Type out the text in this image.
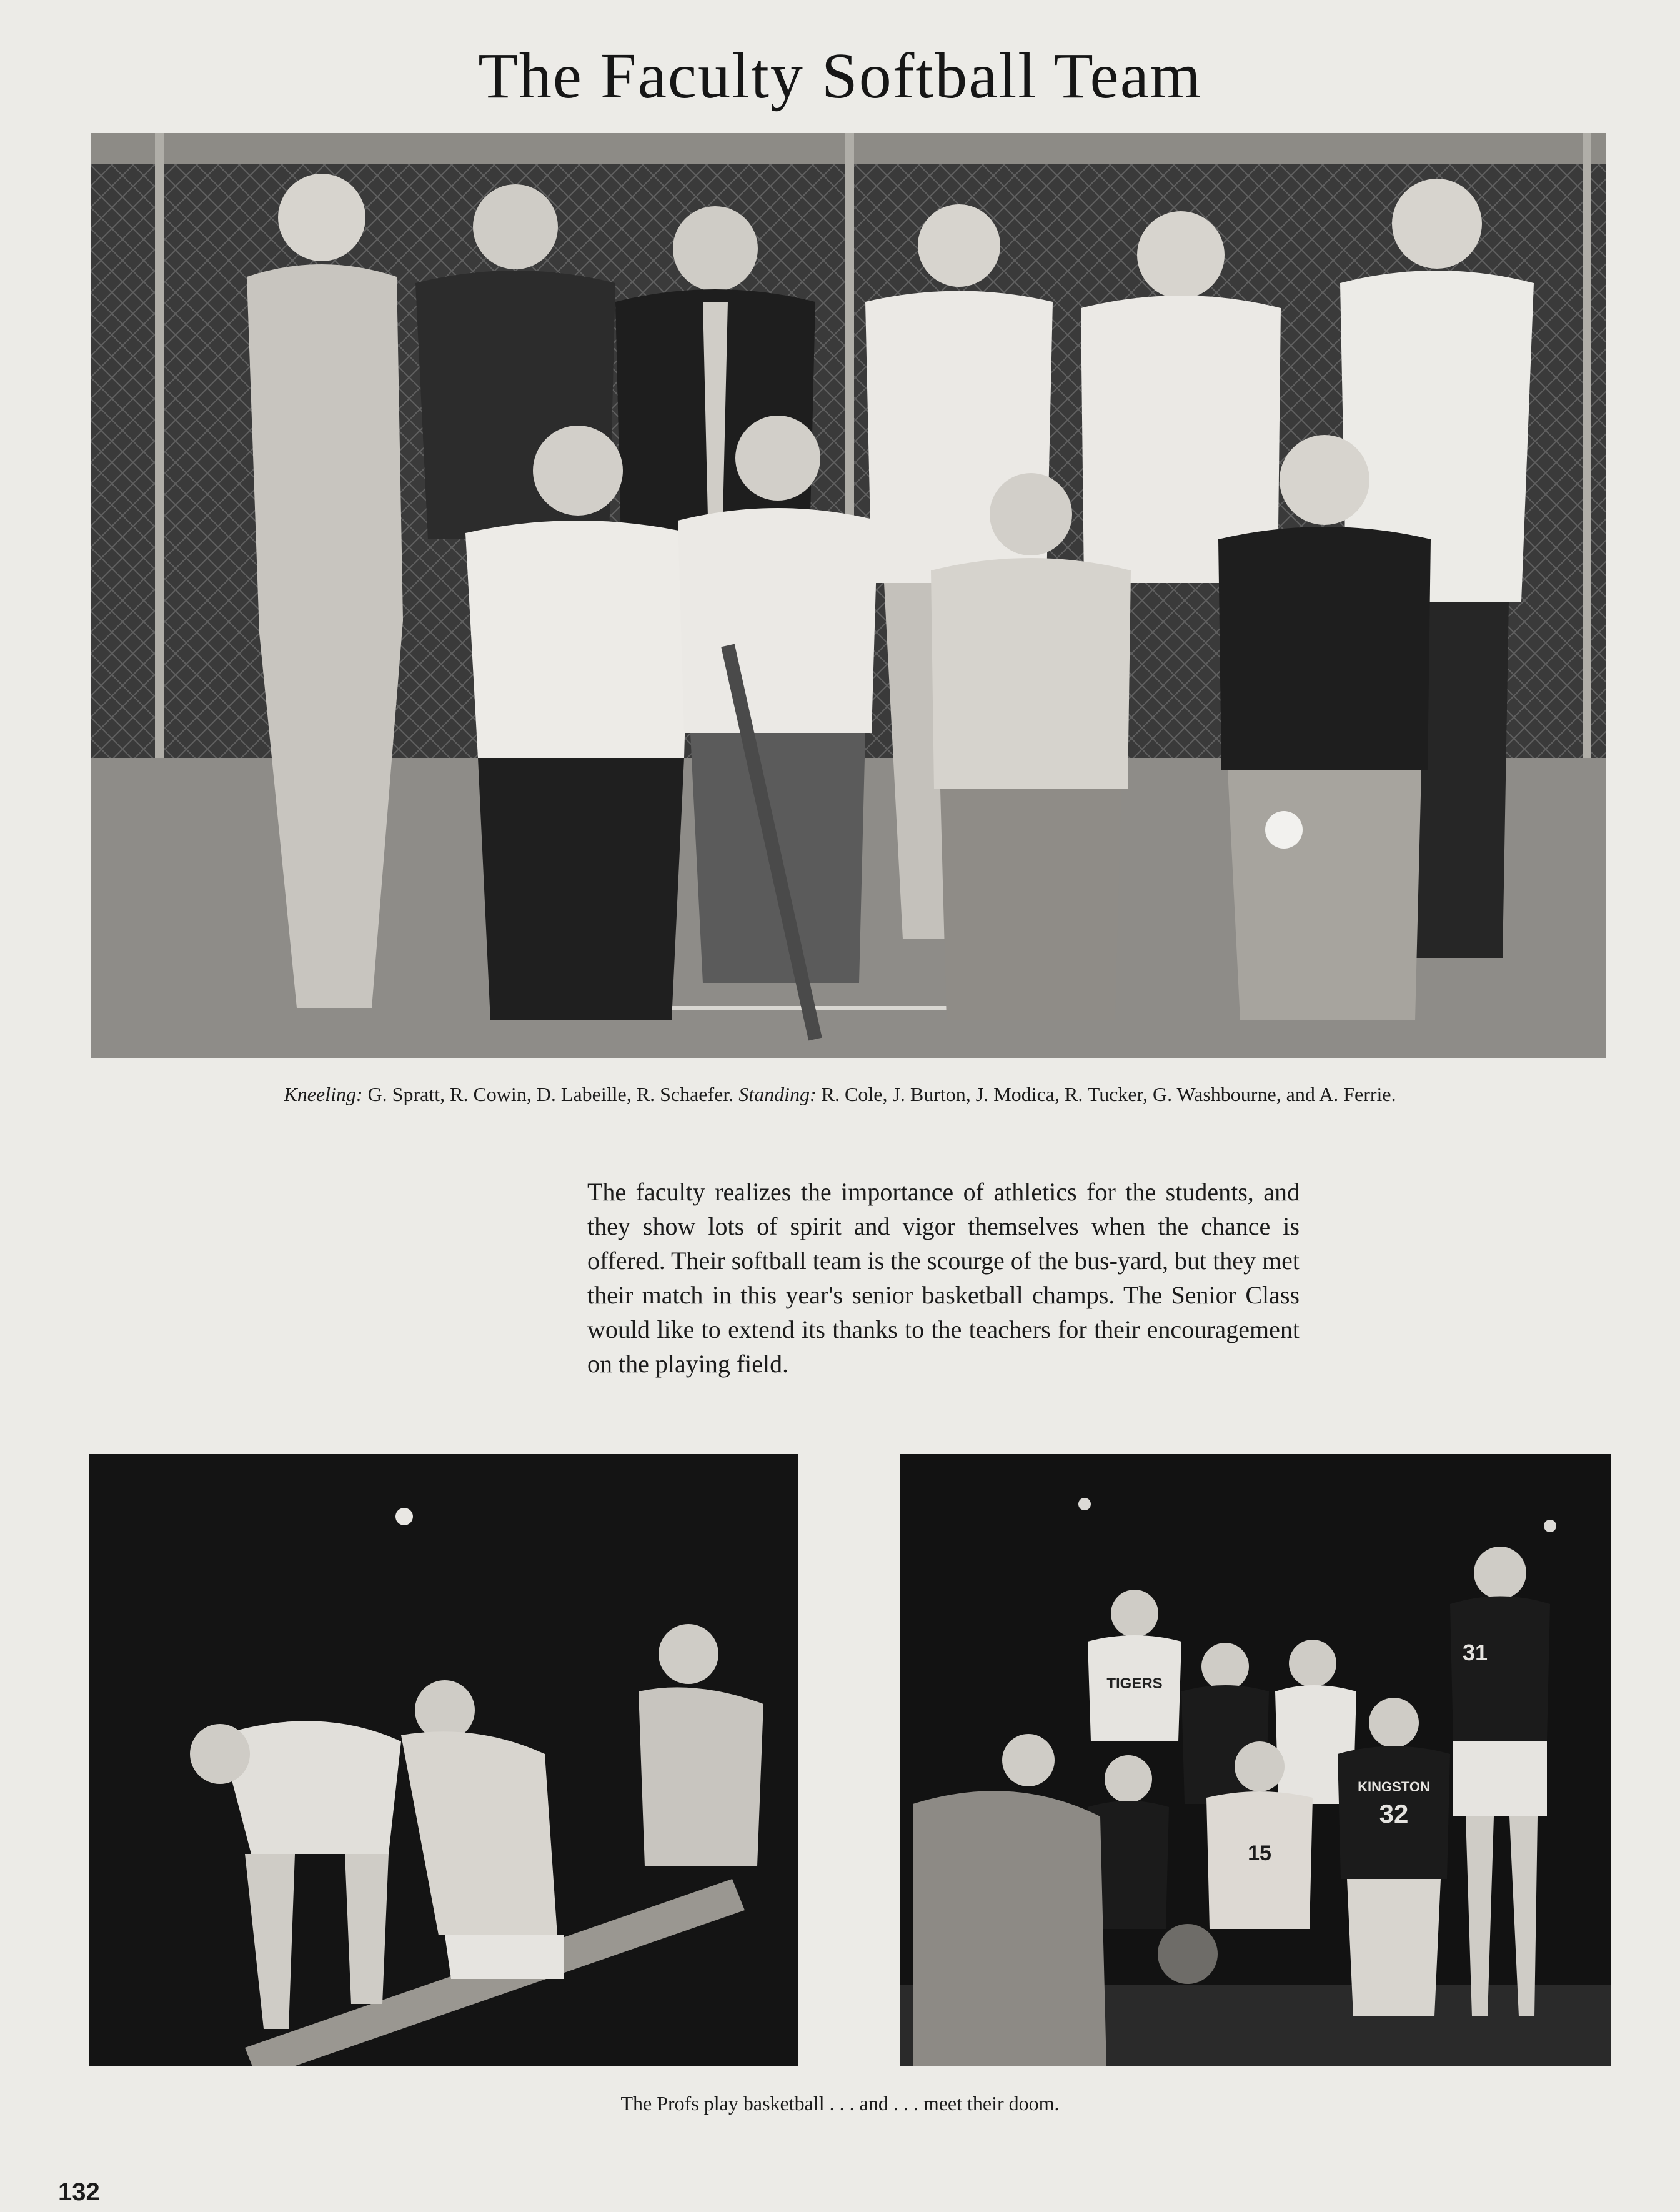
The Faculty Softball Team
Kneeling: G. Spratt, R. Cowin, D. Labeille, R. Schaefer. Standing: R. Cole, J. Burton, J. Modica, R. Tucker, G. Washbourne, and A. Ferrie.
The faculty realizes the importance of athletics for the students, and they show lots of spirit and vigor themselves when the chance is offered. Their softball team is the scourge of the bus-yard, but they met their match in this year's senior basketball champs. The Senior Class would like to extend its thanks to the teachers for their encouragement on the playing field.
TIGERS
KINGSTON
32
31
15
The Profs play basketball . . . and . . . meet their doom.
132
